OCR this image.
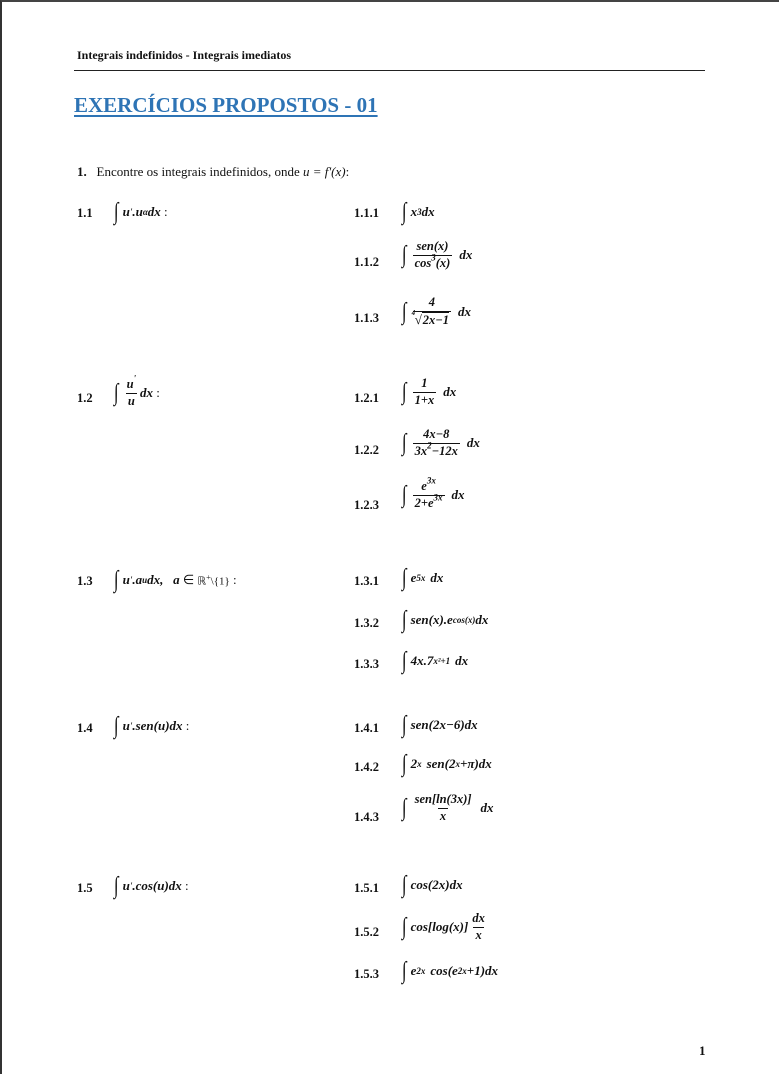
Integrais indefinidos - Integrais imediatos
EXERCÍCIOS PROPOSTOS - 01
1. Encontre os integrais indefinidos, onde u = f'(x):
1.1 ∫ u ' .u α dx :	1.1.1 ∫ x 3 dx
1.1.2 ∫ $\frac{\text{sen(x)}}{\cos^3(x)}$ dx
1.1.3 ∫ $\frac{4}{4 √2x-1}$ dx
1.2 ∫ $\frac{u'}{u}$ dx :	1.2.1 ∫ $\frac{1}{1+x}$ dx
1.2.2 ∫ $\frac{4x-8}{3x^2-12x}$ dx
1.2.3 ∫ $\frac{e^{3x}}{2+e^{3x}}$ dx
1.3 ∫ u ' .a u dx,
a ∈ ℝ+\{1} :	1.3.1 ∫ e 5x dx
1.3.2 ∫ sen(x).e cos(x) dx
1.3.3 ∫ 4x.7 x²+1 dx
1.4 ∫ u ' .sen(u)dx :	1.4.1 ∫ sen(2x−6)dx
1.4.2 ∫ 2 x sen(2 x +π)dx
1.4.3 ∫ $\frac{\text{sen[ln(3x)]}}{x}$ dx
1.5 ∫ u ' .cos(u)dx :	1.5.1 ∫ cos(2x)dx
1.5.2 ∫ $\cos[\log(x)] \frac{dx}{x}$
1.5.3 ∫ e 2x cos(e 2x +1)dx
1
